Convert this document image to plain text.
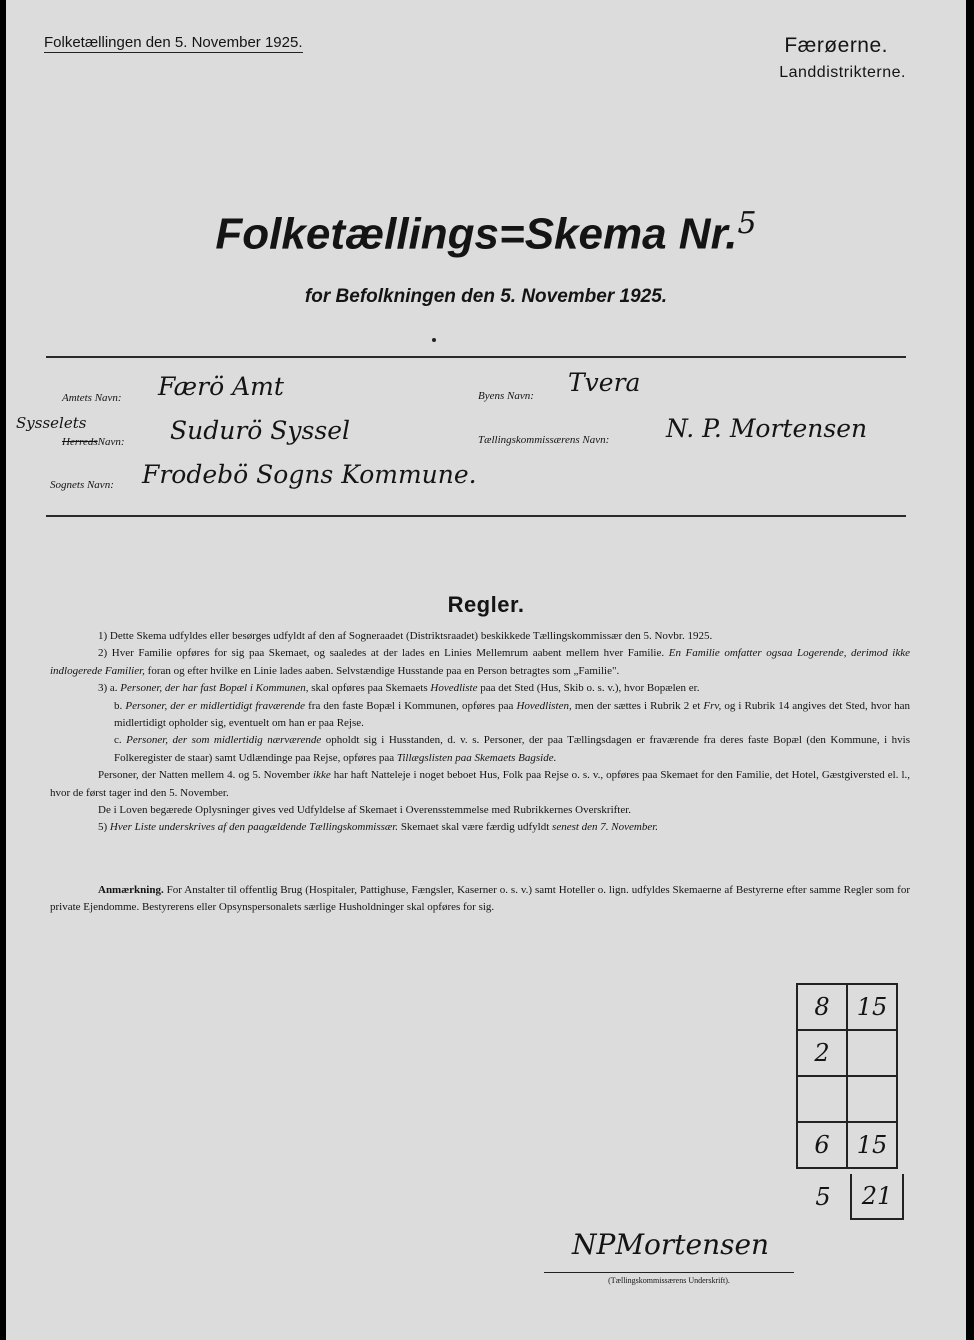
Folketællingen den 5. November 1925.	Færøerne.
Landdistrikterne.
Folketællings=Skema Nr.$^5$
for Befolkningen den 5. November 1925.
Amtets Navn: Færö Amt
Sysselets
HerredsNavn: Sudurö Syssel
Sognets Navn: Frodebö Sogns Kommune.
Byens Navn: Tvera
Tællingskommissærens Navn: N. P. Mortensen
Regler.

1) Dette Skema udfyldes eller besørges udfyldt af den af Sogneraadet (Distriktsraadet) beskikkede Tællingskommissær den 5. Novbr. 1925.

2) Hver Familie opføres for sig paa Skemaet, og saaledes at der lades en Linies Mellemrum aabent mellem hver Familie. En Familie omfatter ogsaa Logerende, derimod ikke indlogerede Familier, foran og efter hvilke en Linie lades aaben. Selvstændige Husstande paa en Person betragtes som „Familie".

3) a. Personer, der har fast Bopæl i Kommunen, skal opføres paa Skemaets Hovedliste paa det Sted (Hus, Skib o. s. v.), hvor Bopælen er.

b. Personer, der er midlertidigt fraværende fra den faste Bopæl i Kommunen, opføres paa Hovedlisten, men der sættes i Rubrik 2 et Frv, og i Rubrik 14 angives det Sted, hvor han midlertidigt opholder sig, eventuelt om han er paa Rejse.

c. Personer, der som midlertidig nærværende opholdt sig i Husstanden, d. v. s. Personer, der paa Tællingsdagen er fraværende fra deres faste Bopæl (den Kommune, i hvis Folkeregister de staar) samt Udlændinge paa Rejse, opføres paa Tillægslisten paa Skemaets Bagside.

Personer, der Natten mellem 4. og 5. November ikke har haft Natteleje i noget beboet Hus, Folk paa Rejse o. s. v., opføres paa Skemaet for den Familie, det Hotel, Gæstgiversted el. l., hvor de først tager ind den 5. November.

De i Loven begærede Oplysninger gives ved Udfyldelse af Skemaet i Overensstemmelse med Rubrikkernes Overskrifter.

5) Hver Liste underskrives af den paagældende Tællingskommissær. Skemaet skal være færdig udfyldt senest den 7. November.

Anmærkning. For Anstalter til offentlig Brug (Hospitaler, Pattighuse, Fængsler, Kaserner o. s. v.) samt Hoteller o. lign. udfyldes Skemaerne af Bestyrerne efter samme Regler som for private Ejendomme. Bestyrerens eller Opsynspersonalets særlige Husholdninger skal opføres for sig.
8	15
2	

6	15
5	21
NPMortensen
(Tællingskommissærens Underskrift).
